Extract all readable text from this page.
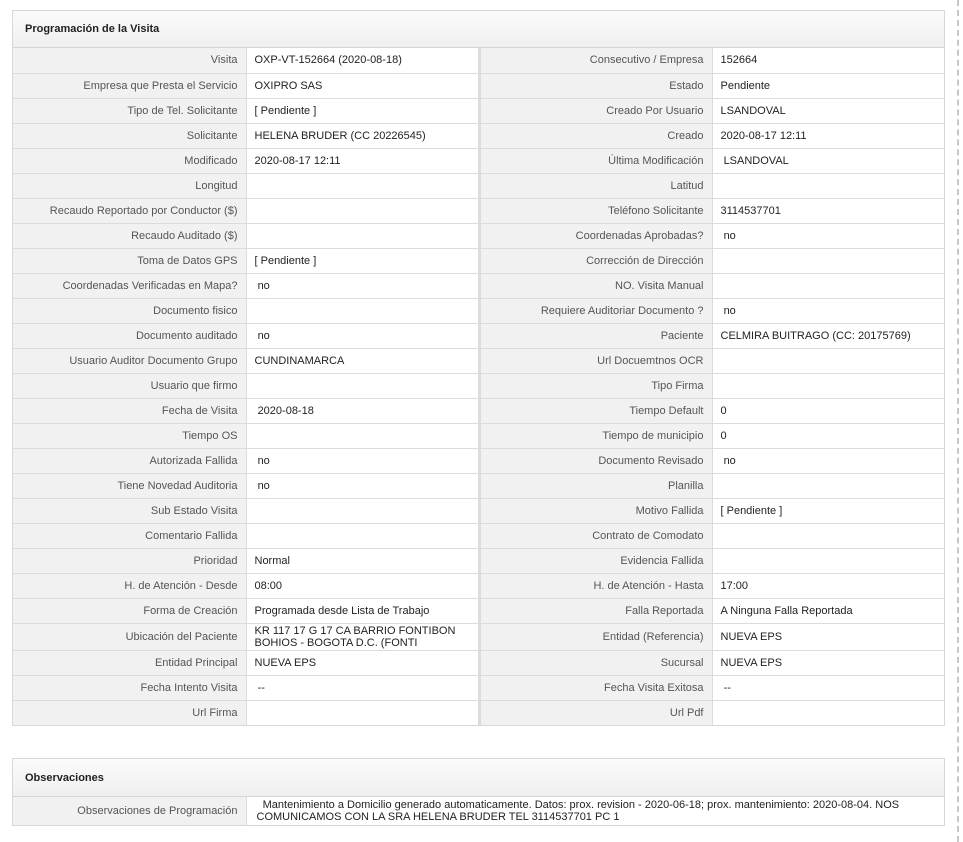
Programación de la Visita
Visita	OXP-VT-152664 (2020-08-18)	Consecutivo / Empresa	152664
Empresa que Presta el Servicio	OXIPRO SAS	Estado	Pendiente
Tipo de Tel. Solicitante	[ Pendiente ]	Creado Por Usuario	LSANDOVAL
Solicitante	HELENA BRUDER (CC 20226545)	Creado	2020-08-17 12:11
Modificado	2020-08-17 12:11	Última Modificación	LSANDOVAL
Longitud		Latitud	
Recaudo Reportado por Conductor ($)		Teléfono Solicitante	3114537701
Recaudo Auditado ($)		Coordenadas Aprobadas?	no
Toma de Datos GPS	[ Pendiente ]	Corrección de Dirección	
Coordenadas Verificadas en Mapa?	no	NO. Visita Manual	
Documento fisico		Requiere Auditoriar Documento ?	no
Documento auditado	no	Paciente	CELMIRA BUITRAGO (CC: 20175769)
Usuario Auditor Documento Grupo	CUNDINAMARCA	Url Docuemtnos OCR	
Usuario que firmo		Tipo Firma	
Fecha de Visita	2020-08-18	Tiempo Default	0
Tiempo OS		Tiempo de municipio	0
Autorizada Fallida	no	Documento Revisado	no
Tiene Novedad Auditoria	no	Planilla	
Sub Estado Visita		Motivo Fallida	[ Pendiente ]
Comentario Fallida		Contrato de Comodato	
Prioridad	Normal	Evidencia Fallida	
H. de Atención - Desde	08:00	H. de Atención - Hasta	17:00
Forma de Creación	Programada desde Lista de Trabajo	Falla Reportada	A Ninguna Falla Reportada
Ubicación del Paciente	KR 117 17 G 17 CA BARRIO FONTIBON BOHIOS - BOGOTA D.C. (FONTI	Entidad (Referencia)	NUEVA EPS
Entidad Principal	NUEVA EPS	Sucursal	NUEVA EPS
Fecha Intento Visita	--	Fecha Visita Exitosa	--
Url Firma		Url Pdf	
Observaciones
Observaciones de Programación	Mantenimiento a Domicilio generado automaticamente. Datos: prox. revision - 2020-06-18; prox. mantenimiento: 2020-08-04. NOS COMUNICAMOS CON LA SRA HELENA BRUDER TEL 3114537701 PC 1
